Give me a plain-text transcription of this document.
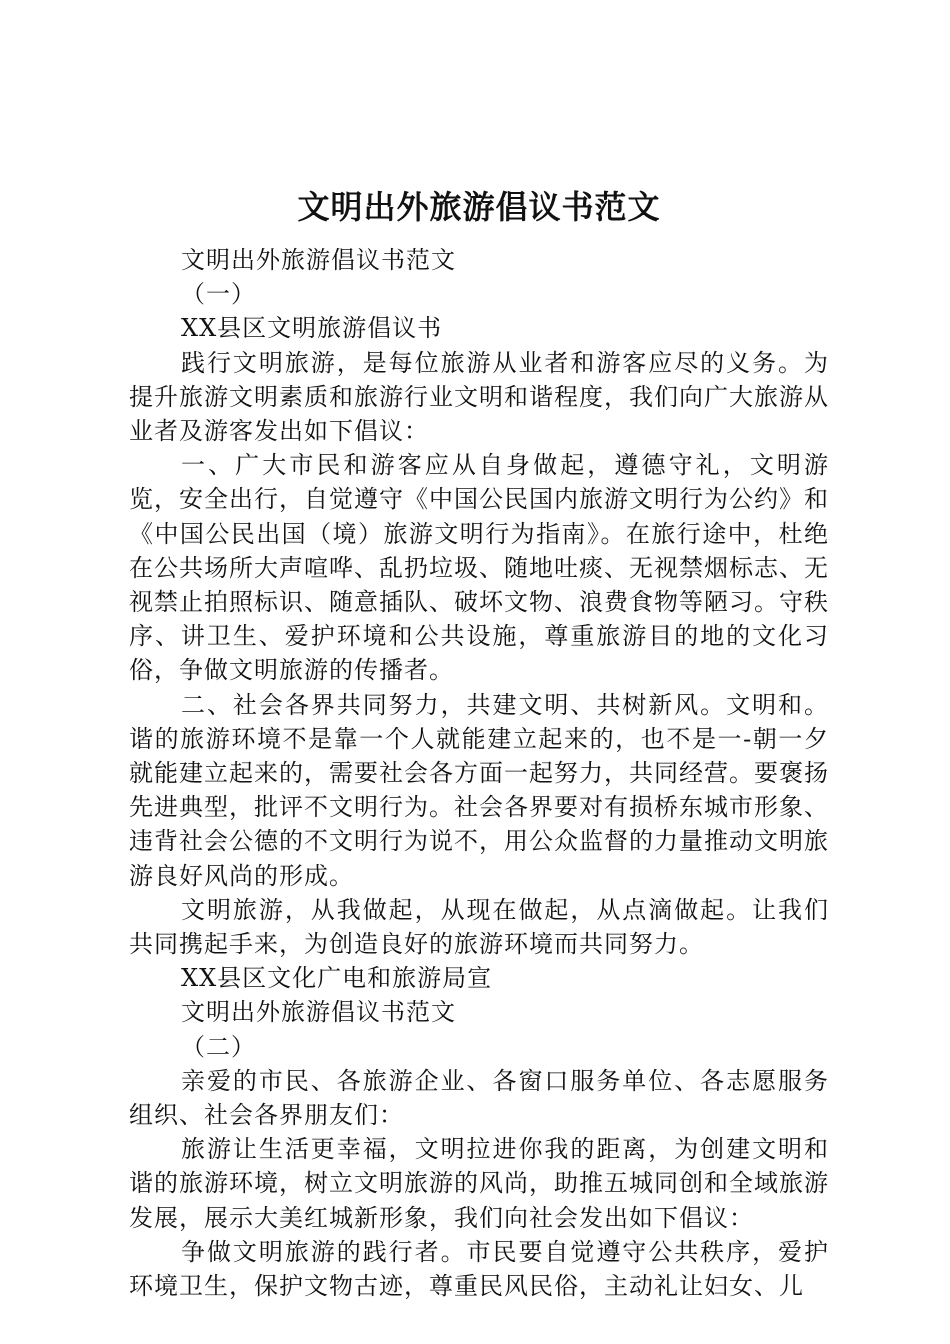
文明出外旅游倡议书范文

文明出外旅游倡议书范文

（一）

XX县区文明旅游倡议书

践行文明旅游，是每位旅游从业者和游客应尽的义务。为提升旅游文明素质和旅游行业文明和谐程度，我们向广大旅游从业者及游客发出如下倡议：

一、广大市民和游客应从自身做起，遵德守礼，文明游览，安全出行，自觉遵守《中国公民国内旅游文明行为公约》和《中国公民出国（境）旅游文明行为指南》。在旅行途中，杜绝在公共场所大声喧哗、乱扔垃圾、随地吐痰、无视禁烟标志、无视禁止拍照标识、随意插队、破坏文物、浪费食物等陋习。守秩序、讲卫生、爱护环境和公共设施，尊重旅游目的地的文化习俗，争做文明旅游的传播者。

二、社会各界共同努力，共建文明、共树新风。文明和。谐的旅游环境不是靠一个人就能建立起来的，也不是一-朝一夕就能建立起来的，需要社会各方面一起努力，共同经营。要褒扬先进典型，批评不文明行为。社会各界要对有损桥东城市形象、违背社会公德的不文明行为说不，用公众监督的力量推动文明旅游良好风尚的形成。

文明旅游，从我做起，从现在做起，从点滴做起。让我们共同携起手来，为创造良好的旅游环境而共同努力。

XX县区文化广电和旅游局宣

文明出外旅游倡议书范文

（二）

亲爱的市民、各旅游企业、各窗口服务单位、各志愿服务组织、社会各界朋友们：

旅游让生活更幸福，文明拉进你我的距离，为创建文明和谐的旅游环境，树立文明旅游的风尚，助推五城同创和全域旅游发展，展示大美红城新形象，我们向社会发出如下倡议：

争做文明旅游的践行者。市民要自觉遵守公共秩序，爱护环境卫生，保护文物古迹，尊重民风民俗，主动礼让妇女、儿
